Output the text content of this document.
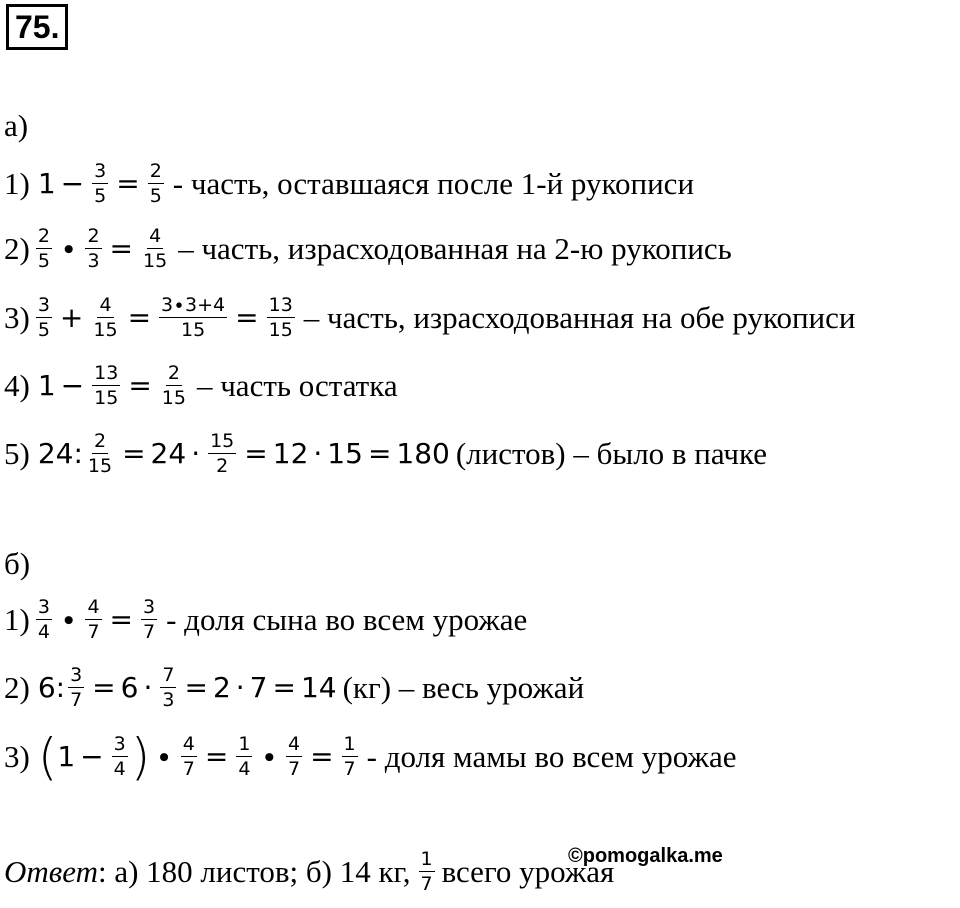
75.
а)
1) $1 - \frac{3}{5} = \frac{2}{5}$ - часть, оставшаяся после 1-й рукописи
$2) \frac{2}{5} \cdot \frac{2}{3} = \frac{4}{15}$ – часть, израсходованная на 2-ю рукопись
$3) \frac{3}{5} + \frac{4}{15} = \frac{3\cdot 3+4}{15} = \frac{13}{15}$ – часть, израсходованная на обе рукописи
4) $1 - \frac{13}{15} = \frac{2}{15}$ – часть остатка
5) 24: $\frac{2}{15} = 24 \cdot \frac{15}{2} = 12 \cdot 15 = 180$ (листов) – было в пачке
б)
$1) \frac{3}{4} \cdot \frac{4}{7} = \frac{3}{7}$ - доля сына во всем урожае
2) 6: $\frac{3}{7} = 6 \cdot \frac{7}{3} = 2 \cdot 7 = 14$ (кг) – весь урожай
3) ( $1 - \frac{3}{4}$ ) ∙ $\frac{4}{7} = \frac{1}{4} \cdot \frac{4}{7} = \frac{1}{7}$ - доля мамы во всем урожае
Ответ : а) 180 листов; б) 14 кг, $\frac{1}{7}$ всего урожая
©pomogalka.me
